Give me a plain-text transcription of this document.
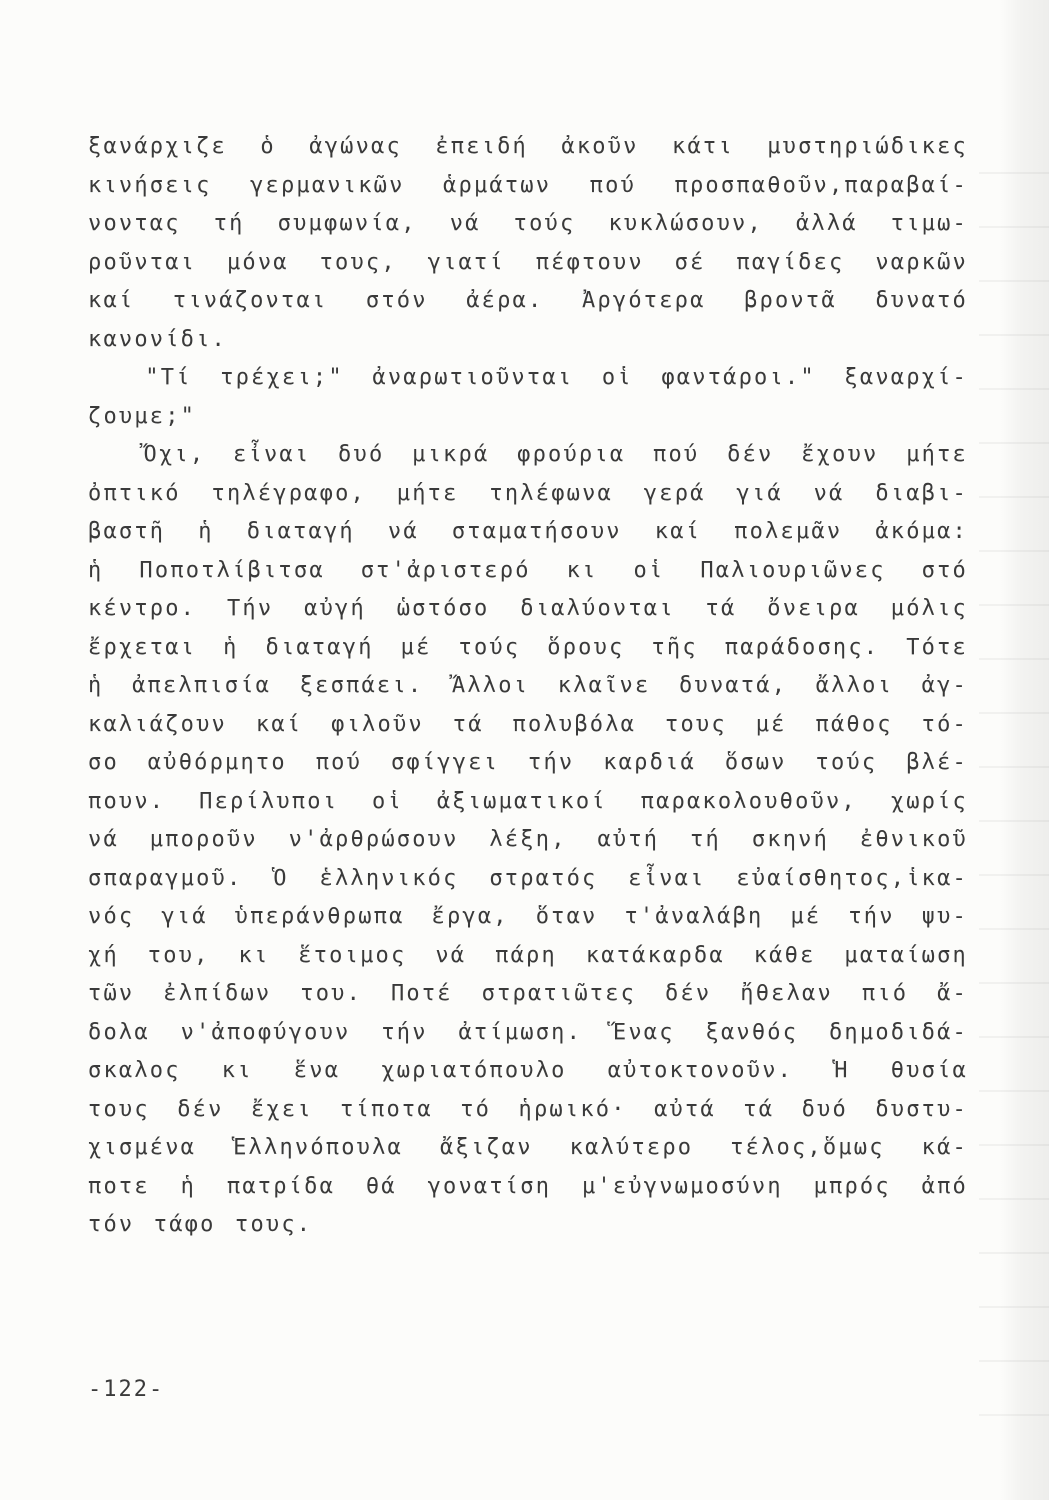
ξανάρχιζε ὁ ἀγώνας ἐπειδή ἀκοῦν κάτι μυστηριώδικες
κινήσεις γερμανικῶν ἁρμάτων πού προσπαθοῦν,παραβαί-
νοντας τή συμφωνία, νά τούς κυκλώσουν, ἀλλά τιμω-
ροῦνται μόνα τους, γιατί πέφτουν σέ παγίδες ναρκῶν
καί τινάζονται στόν ἀέρα. Ἀργότερα βροντᾶ δυνατό
κανονίδι.
"Τί τρέχει;" ἀναρωτιοῦνται οἱ φαντάροι." ξαναρχί-
ζουμε;"
Ὄχι, εἶναι δυό μικρά φρούρια πού δέν ἔχουν μήτε
ὀπτικό τηλέγραφο, μήτε τηλέφωνα γερά γιά νά διαβι-
βαστῆ ἡ διαταγή νά σταματήσουν καί πολεμᾶν ἀκόμα:
ἡ Ποποτλίβιτσα στ'ἀριστερό κι οἱ Παλιουριῶνες στό
κέντρο. Τήν αὐγή ὡστόσο διαλύονται τά ὄνειρα μόλις
ἔρχεται ἡ διαταγή μέ τούς ὅρους τῆς παράδοσης. Τότε
ἡ ἀπελπισία ξεσπάει. Ἄλλοι κλαῖνε δυνατά, ἄλλοι ἀγ-
καλιάζουν καί φιλοῦν τά πολυβόλα τους μέ πάθος τό-
σο αὐθόρμητο πού σφίγγει τήν καρδιά ὅσων τούς βλέ-
πουν. Περίλυποι οἱ ἀξιωματικοί παρακολουθοῦν, χωρίς
νά μποροῦν ν'ἀρθρώσουν λέξη, αὐτή τή σκηνή ἐθνικοῦ
σπαραγμοῦ. Ὁ ἑλληνικός στρατός εἶναι εὐαίσθητος,ἱκα-
νός γιά ὑπεράνθρωπα ἔργα, ὅταν τ'ἀναλάβη μέ τήν ψυ-
χή του, κι ἕτοιμος νά πάρη κατάκαρδα κάθε ματαίωση
τῶν ἐλπίδων του. Ποτέ στρατιῶτες δέν ἤθελαν πιό ἄ-
δολα ν'ἀποφύγουν τήν ἀτίμωση. Ἕνας ξανθός δημοδιδά-
σκαλος κι ἕνα χωριατόπουλο αὐτοκτονοῦν. Ἡ θυσία
τους δέν ἔχει τίποτα τό ἡρωικό· αὐτά τά δυό δυστυ-
χισμένα Ἑλληνόπουλα ἄξιζαν καλύτερο τέλος,ὅμως κά-
ποτε ἡ πατρίδα θά γονατίση μ'εὐγνωμοσύνη μπρός ἀπό
τόν τάφο τους.
-122-
